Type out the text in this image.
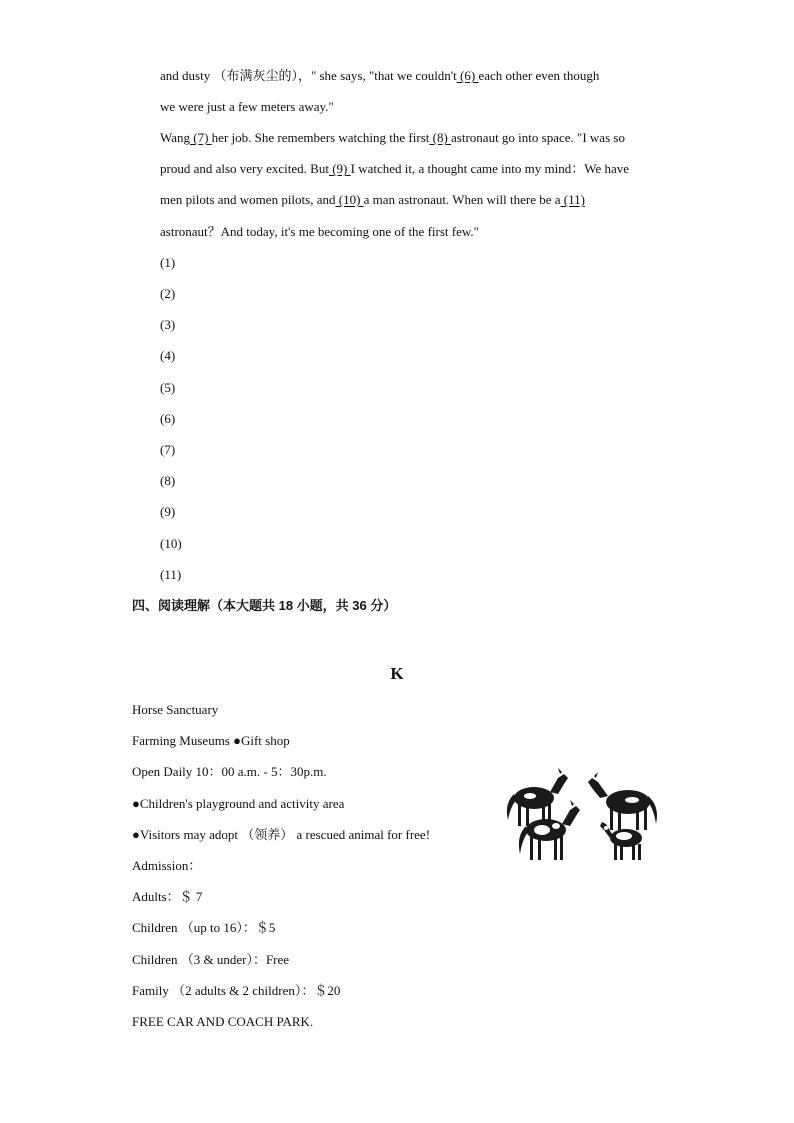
and dusty （布满灰尘的），" she says, "that we couldn't (6) each other even though
we were just a few meters away."
Wang (7) her job. She remembers watching the first (8) astronaut go into space. "I was so
proud and also very excited. But (9) I watched it, a thought came into my mind：We have
men pilots and women pilots, and (10) a man astronaut. When will there be a (11)
astronaut？And today, it's me becoming one of the first few."
(1)
(2)
(3)
(4)
(5)
(6)
(7)
(8)
(9)
(10)
(11)
四、阅读理解（本大题共 18 小题，共 36 分）
K
Horse Sanctuary
Farming Museums ●Gift shop
Open Daily 10：00 a.m. - 5：30p.m.
●Children's playground and activity area
●Visitors may adopt （领养） a rescued animal for free!
Admission：
Adults：＄ 7
Children （up to 16）：＄5
Children （3 & under）：Free
Family （2 adults & 2 children）：＄20
FREE CAR AND COACH PARK.
